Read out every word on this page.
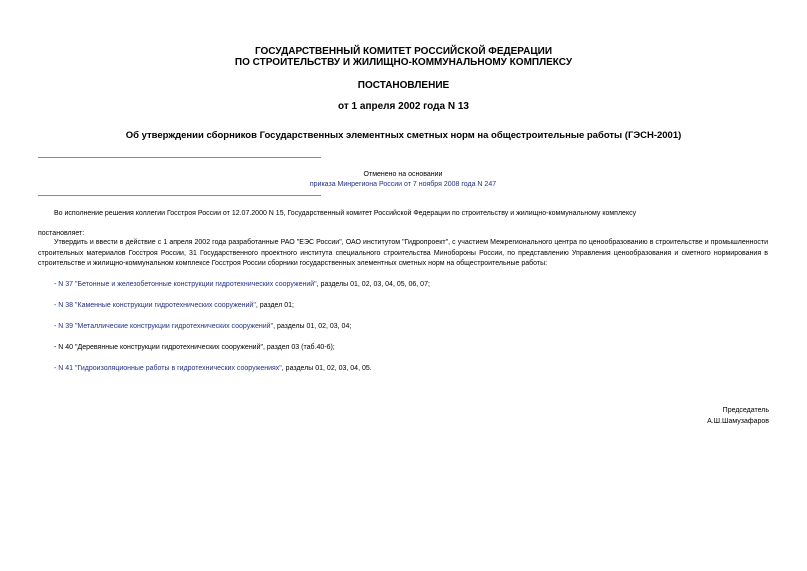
ГОСУДАРСТВЕННЫЙ КОМИТЕТ РОССИЙСКОЙ ФЕДЕРАЦИИ
ПО СТРОИТЕЛЬСТВУ И ЖИЛИЩНО-КОММУНАЛЬНОМУ КОМПЛЕКСУ
ПОСТАНОВЛЕНИЕ
от 1 апреля 2002 года N 13
Об утверждении сборников Государственных элементных сметных норм на общестроительные работы (ГЭСН-2001)
Отменено на основании
приказа Минрегиона России от 7 ноября 2008 года N 247
Во исполнение решения коллегии Госстроя России от 12.07.2000 N 15, Государственный комитет Российской Федерации по строительству и жилищно-коммунальному комплексу
постановляет:
Утвердить и ввести в действие с 1 апреля 2002 года разработанные РАО "ЕЭС России", ОАО институтом "Гидропроект", с участием Межрегионального центра по ценообразованию в строительстве и промышленности строительных материалов Госстроя России, 31 Государственного проектного института специального строительства Минобороны России, по представлению Управления ценообразования и сметного нормирования в строительстве и жилищно-коммунальном комплексе Госстроя России сборники государственных элементных сметных норм на общестроительные работы:
- N 37 "Бетонные и железобетонные конструкции гидротехнических сооружений", разделы 01, 02, 03, 04, 05, 06, 07;
- N 38 "Каменные конструкции гидротехнических сооружений", раздел 01;
- N 39 "Металлические конструкции гидротехнических сооружений", разделы 01, 02, 03, 04;
- N 40 "Деревянные конструкции гидротехнических сооружений", раздел 03 (таб.40-6);
- N 41 "Гидроизоляционные работы в гидротехнических сооружениях", разделы 01, 02, 03, 04, 05.
Председатель
А.Ш.Шамузафаров
